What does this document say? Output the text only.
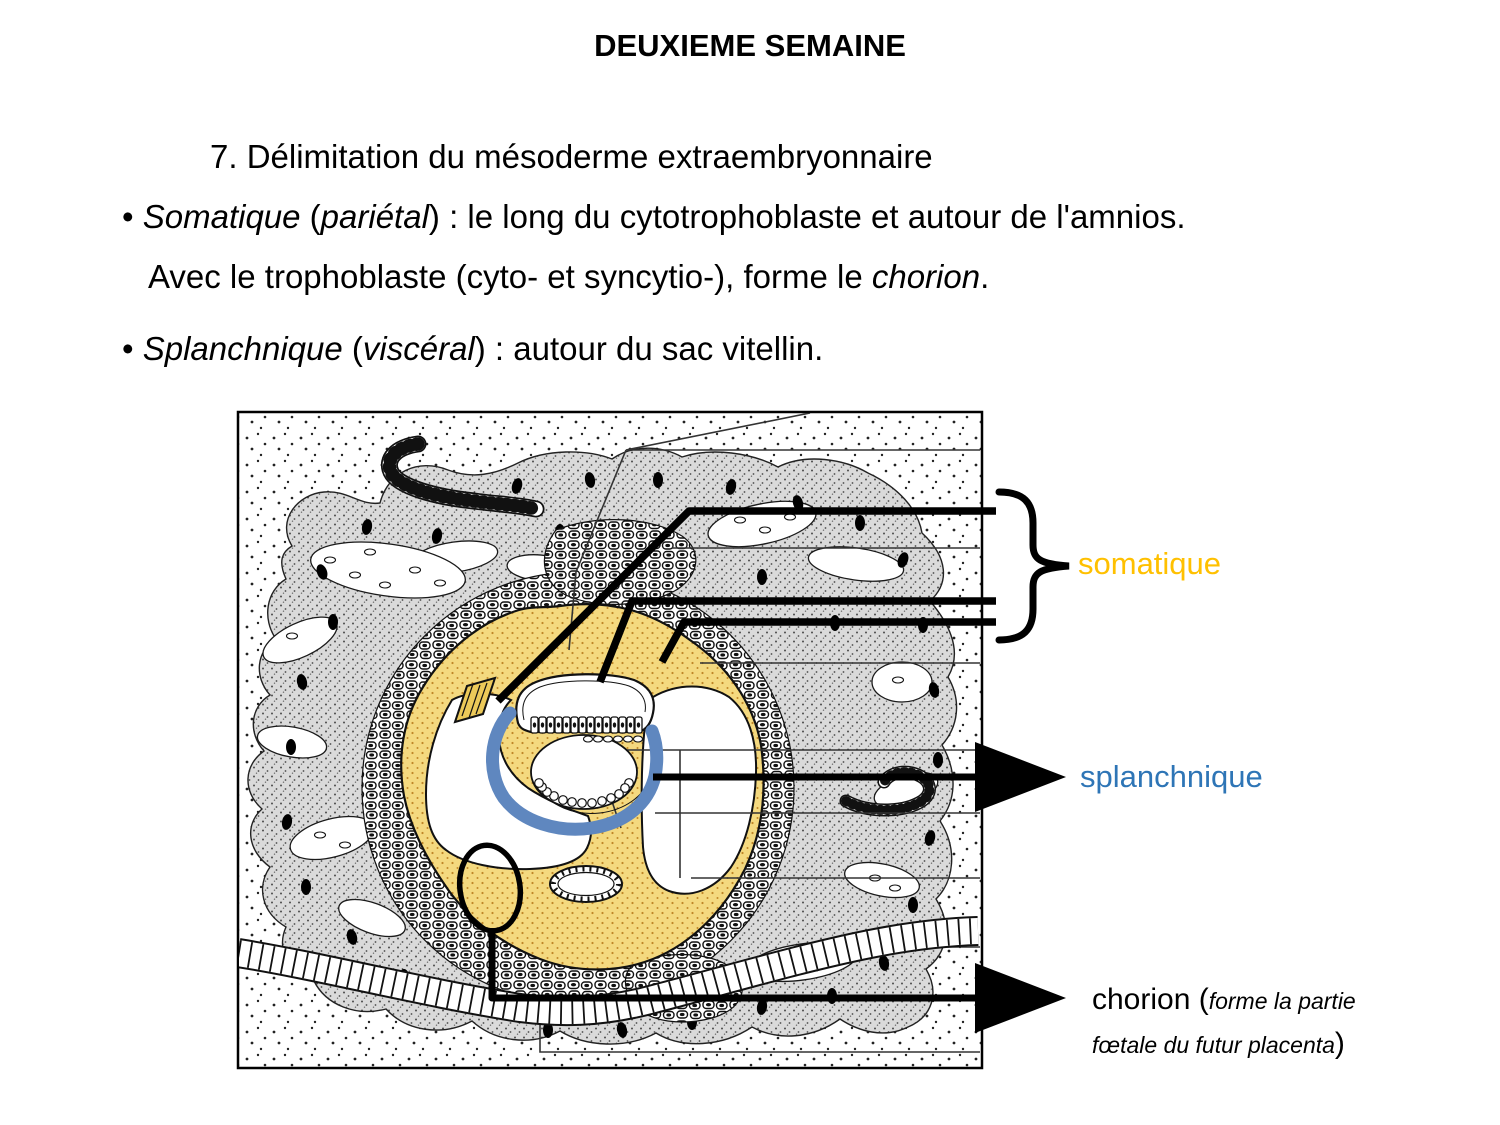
DEUXIEME SEMAINE
7. Délimitation du mésoderme extraembryonnaire
• Somatique (pariétal) : le long du cytotrophoblaste et autour de l'amnios.
Avec le trophoblaste (cyto- et syncytio-), forme le chorion.
• Splanchnique (viscéral) : autour du sac vitellin.
somatique
splanchnique
chorion (forme la partie fœtale du futur placenta)
